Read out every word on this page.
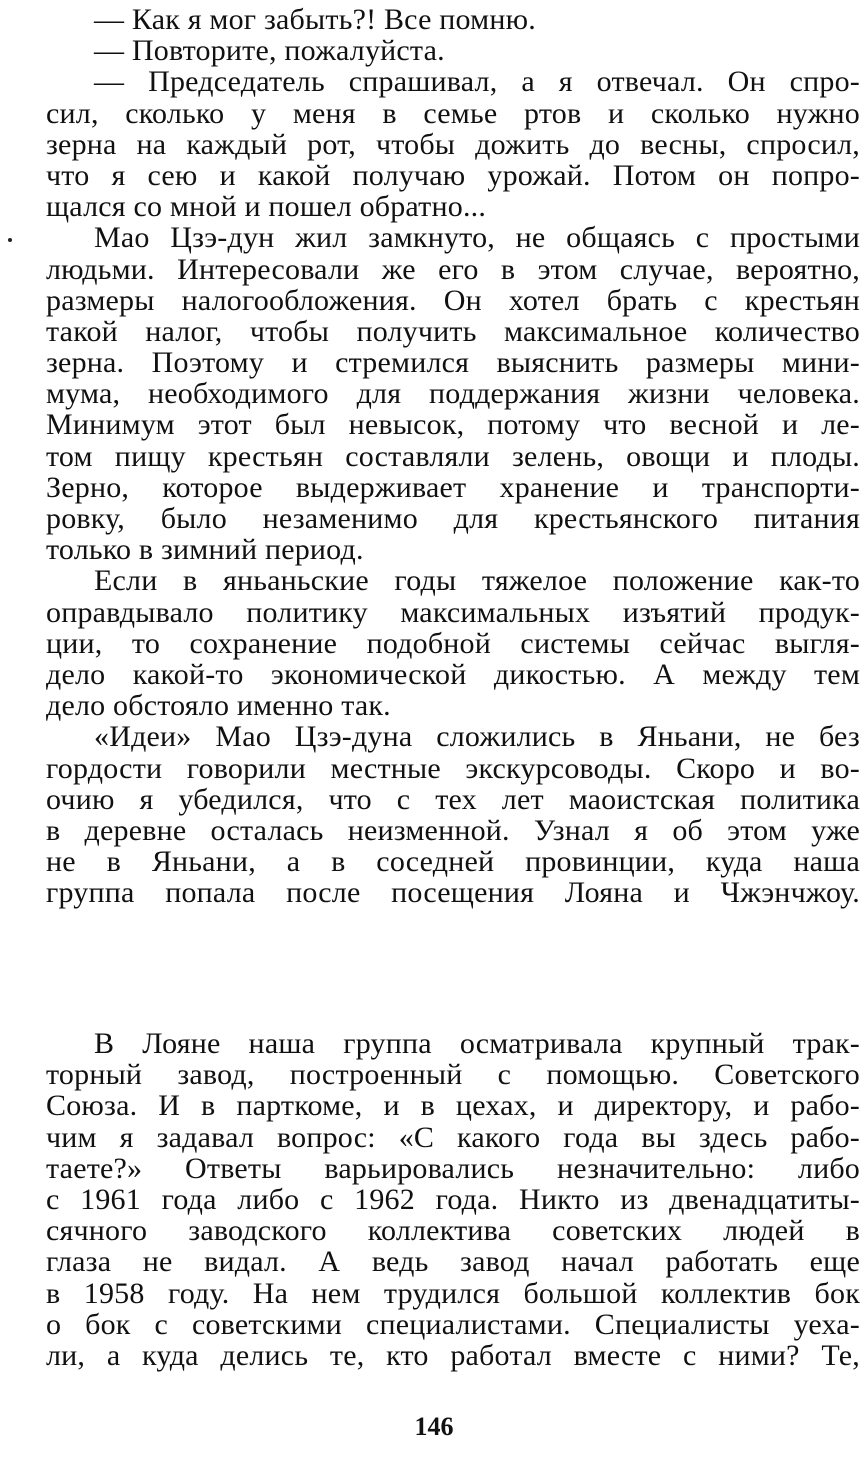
— Как я мог забыть?! Все помню.
— Повторите, пожалуйста.
— Председатель спрашивал, а я отвечал. Он спро-
сил, сколько у меня в семье ртов и сколько нужно
зерна на каждый рот, чтобы дожить до весны, спросил,
что я сею и какой получаю урожай. Потом он попро-
щался со мной и пошел обратно...
Мао Цзэ-дун жил замкнуто, не общаясь с простыми
людьми. Интересовали же его в этом случае, вероятно,
размеры налогообложения. Он хотел брать с крестьян
такой налог, чтобы получить максимальное количество
зерна. Поэтому и стремился выяснить размеры мини-
мума, необходимого для поддержания жизни человека.
Минимум этот был невысок, потому что весной и ле-
том пищу крестьян составляли зелень, овощи и плоды.
Зерно, которое выдерживает хранение и транспорти-
ровку, было незаменимо для крестьянского питания
только в зимний период.
Если в яньаньские годы тяжелое положение как-то
оправдывало политику максимальных изъятий продук-
ции, то сохранение подобной системы сейчас выгля-
дело какой-то экономической дикостью. А между тем
дело обстояло именно так.
«Идеи» Мао Цзэ-дуна сложились в Яньани, не без
гордости говорили местные экскурсоводы. Скоро и во-
очию я убедился, что с тех лет маоистская политика
в деревне осталась неизменной. Узнал я об этом уже
не в Яньани, а в соседней провинции, куда наша
группа попала после посещения Лояна и Чжэнчжоу.
В Лояне наша группа осматривала крупный трак-
торный завод, построенный с помощью. Советского
Союза. И в парткоме, и в цехах, и директору, и рабо-
чим я задавал вопрос: «С какого года вы здесь рабо-
таете?» Ответы варьировались незначительно: либо
с 1961 года либо с 1962 года. Никто из двенадцатиты-
сячного заводского коллектива советских людей в
глаза не видал. А ведь завод начал работать еще
в 1958 году. На нем трудился большой коллектив бок
о бок с советскими специалистами. Специалисты уеха-
ли, а куда делись те, кто работал вместе с ними? Те,
146
